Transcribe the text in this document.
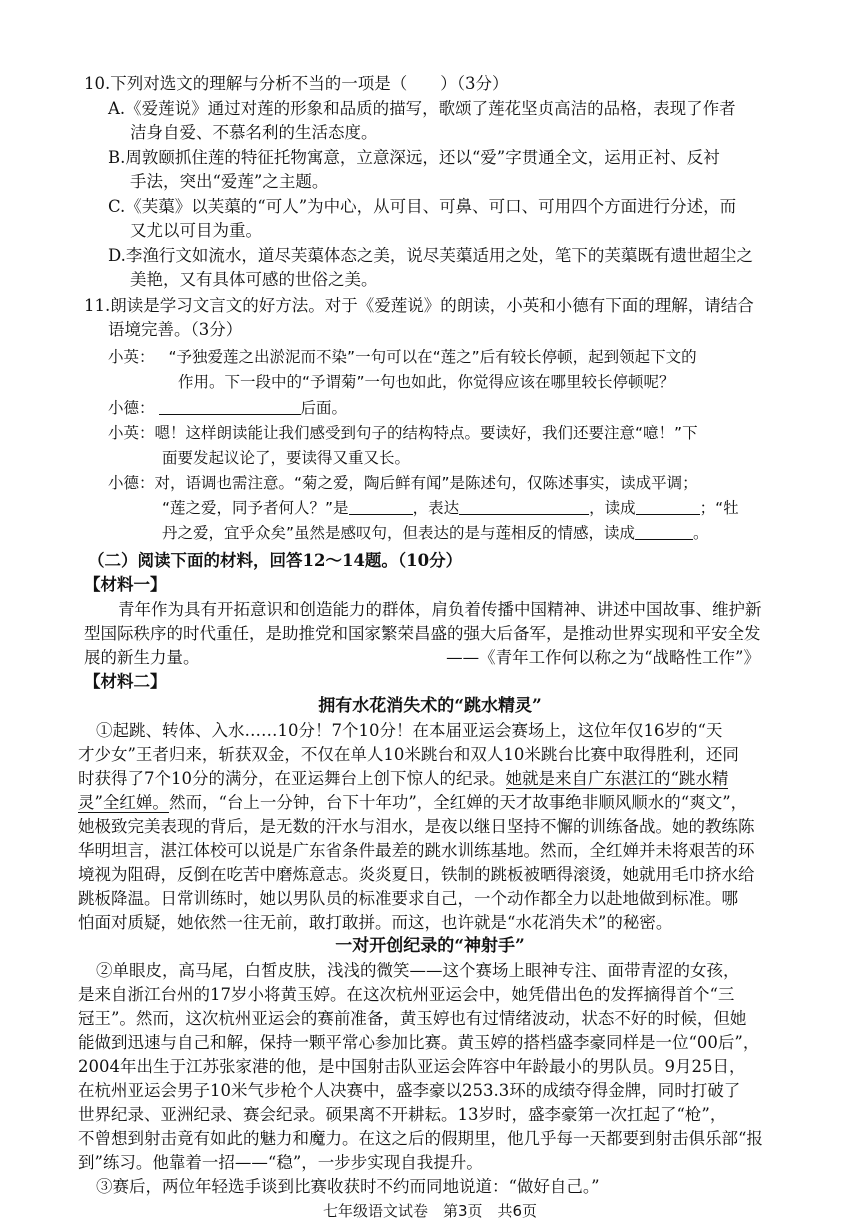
10.下列对选文的理解与分析不当的一项是（　　）（3分）
A.《爱莲说》通过对莲的形象和品质的描写，歌颂了莲花坚贞高洁的品格，表现了作者
洁身自爱、不慕名利的生活态度。
B.周敦颐抓住莲的特征托物寓意，立意深远，还以“爱”字贯通全文，运用正衬、反衬
手法，突出“爱莲”之主题。
C.《芙蕖》以芙蕖的“可人”为中心，从可目、可鼻、可口、可用四个方面进行分述，而
又尤以可目为重。
D.李渔行文如流水，道尽芙蕖体态之美，说尽芙蕖适用之处，笔下的芙蕖既有遗世超尘之
美艳，又有具体可感的世俗之美。
11.朗读是学习文言文的好方法。对于《爱莲说》的朗读，小英和小德有下面的理解，请结合
语境完善。（3分）
小英： “予独爱莲之出淤泥而不染”一句可以在“莲之”后有较长停顿，起到领起下文的
作用。下一段中的“予谓菊”一句也如此，你觉得应该在哪里较长停顿呢？
小德：	后面。
小英：嗯！这样朗读能让我们感受到句子的结构特点。要读好，我们还要注意“噫！”下
面要发起议论了，要读得又重又长。
小德：对，语调也需注意。“菊之爱，陶后鲜有闻”是陈述句，仅陈述事实，读成平调；
“莲之爱，同予者何人？”是	，表达	，读成	；“牡
丹之爱，宜乎众矣”虽然是感叹句，但表达的是与莲相反的情感，读成	。
（二）阅读下面的材料，回答12～14题。（10分）
【材料一】
青年作为具有开拓意识和创造能力的群体，肩负着传播中国精神、讲述中国故事、维护新
型国际秩序的时代重任，是助推党和国家繁荣昌盛的强大后备军，是推动世界实现和平安全发
展的新生力量。	——《青年工作何以称之为“战略性工作”》
【材料二】
拥有水花消失术的“跳水精灵”
①起跳、转体、入水……10分！7个10分！在本届亚运会赛场上，这位年仅16岁的“天
才少女”王者归来，斩获双金，不仅在单人10米跳台和双人10米跳台比赛中取得胜利，还同
时获得了7个10分的满分，在亚运舞台上创下惊人的纪录。她就是来自广东湛江的“跳水精
灵”全红婵。然而，“台上一分钟，台下十年功”，全红婵的天才故事绝非顺风顺水的“爽文”，
她极致完美表现的背后，是无数的汗水与泪水，是夜以继日坚持不懈的训练备战。她的教练陈
华明坦言，湛江体校可以说是广东省条件最差的跳水训练基地。然而，全红婵并未将艰苦的环
境视为阻碍，反倒在吃苦中磨炼意志。炎炎夏日，铁制的跳板被晒得滚烫，她就用毛巾挤水给
跳板降温。日常训练时，她以男队员的标准要求自己，一个动作都全力以赴地做到标准。哪
怕面对质疑，她依然一往无前，敢打敢拼。而这，也许就是“水花消失术”的秘密。
一对开创纪录的“神射手”
②单眼皮，高马尾，白皙皮肤，浅浅的微笑——这个赛场上眼神专注、面带青涩的女孩，
是来自浙江台州的17岁小将黄玉婷。在这次杭州亚运会中，她凭借出色的发挥摘得首个“三
冠王”。然而，这次杭州亚运会的赛前准备，黄玉婷也有过情绪波动，状态不好的时候，但她
能做到迅速与自己和解，保持一颗平常心参加比赛。黄玉婷的搭档盛李豪同样是一位“00后”，
2004年出生于江苏张家港的他，是中国射击队亚运会阵容中年龄最小的男队员。9月25日，
在杭州亚运会男子10米气步枪个人决赛中，盛李豪以253.3环的成绩夺得金牌，同时打破了
世界纪录、亚洲纪录、赛会纪录。硕果离不开耕耘。13岁时，盛李豪第一次扛起了“枪”，
不曾想到射击竟有如此的魅力和魔力。在这之后的假期里，他几乎每一天都要到射击俱乐部“报
到”练习。他靠着一招——“稳”，一步步实现自我提升。
③赛后，两位年轻选手谈到比赛收获时不约而同地说道：“做好自己。”
七年级语文试卷　第3页　共6页
